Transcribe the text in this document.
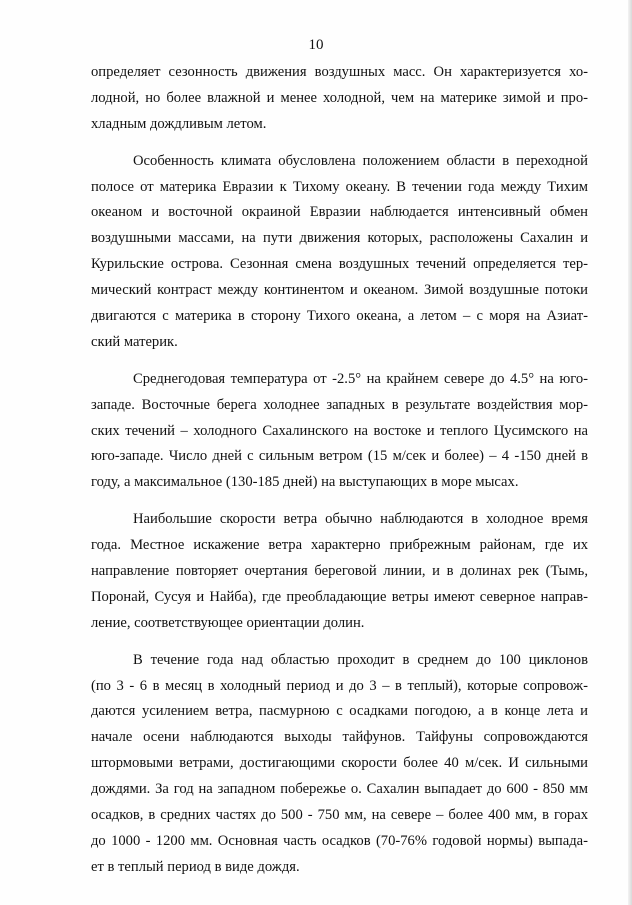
10
определяет сезонность движения воздушных масс. Он характеризуется хо-
лодной, но более влажной и менее холодной, чем на материке зимой и про-
хладным дождливым летом.
Особенность климата обусловлена положением области в переходной
полосе от материка Евразии к Тихому океану. В течении года между Тихим
океаном и восточной окраиной Евразии наблюдается интенсивный обмен
воздушными массами, на пути движения которых, расположены Сахалин и
Курильские острова. Сезонная смена воздушных течений определяется тер-
мический контраст между континентом и океаном. Зимой воздушные потоки
двигаются с материка в сторону Тихого океана, а летом – с моря на Азиат-
ский материк.
Среднегодовая температура от -2.5° на крайнем севере до 4.5° на юго-
западе. Восточные берега холоднее западных в результате воздействия мор-
ских течений – холодного Сахалинского на востоке и теплого Цусимского на
юго-западе. Число дней с сильным ветром (15 м/сек и более) – 4 -150 дней в
году, а максимальное (130-185 дней) на выступающих в море мысах.
Наибольшие скорости ветра обычно наблюдаются в холодное время
года. Местное искажение ветра характерно прибрежным районам, где их
направление повторяет очертания береговой линии, и в долинах рек (Тымь,
Поронай, Сусуя и Найба), где преобладающие ветры имеют северное направ-
ление, соответствующее ориентации долин.
В течение года над областью проходит в среднем до 100 циклонов
(по 3 - 6 в месяц в холодный период и до 3 – в теплый), которые сопровож-
даются усилением ветра, пасмурною с осадками погодою, а в конце лета и
начале осени наблюдаются выходы тайфунов. Тайфуны сопровождаются
штормовыми ветрами, достигающими скорости более 40 м/сек. И сильными
дождями. За год на западном побережье о. Сахалин выпадает до 600 - 850 мм
осадков, в средних частях до 500 - 750 мм, на севере – более 400 мм, в горах
до 1000 - 1200 мм. Основная часть осадков (70-76% годовой нормы) выпада-
ет в теплый период в виде дождя.
